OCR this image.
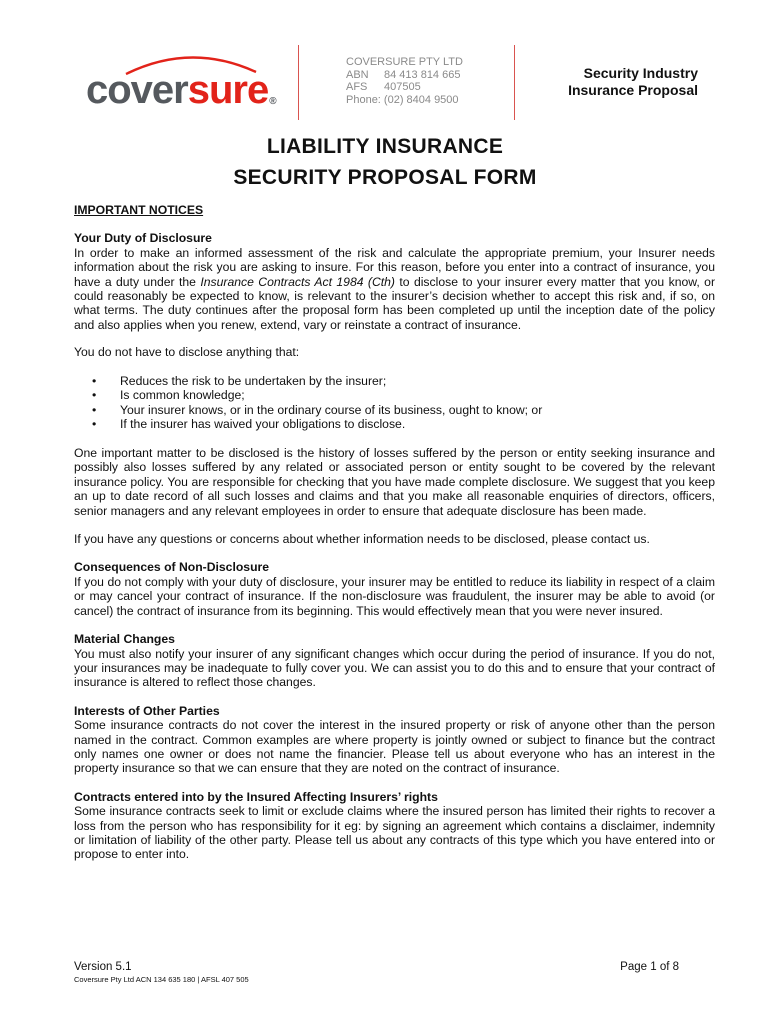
coversure®
COVERSURE PTY LTD
ABN 84 413 814 665
AFS 407505
Phone: (02) 8404 9500
Security Industry
Insurance Proposal
LIABILITY INSURANCE
SECURITY PROPOSAL FORM

IMPORTANT NOTICES

Your Duty of Disclosure

In order to make an informed assessment of the risk and calculate the appropriate premium, your Insurer needs information about the risk you are asking to insure. For this reason, before you enter into a contract of insurance, you have a duty under the Insurance Contracts Act 1984 (Cth) to disclose to your insurer every matter that you know, or could reasonably be expected to know, is relevant to the insurer’s decision whether to accept this risk and, if so, on what terms. The duty continues after the proposal form has been completed up until the inception date of the policy and also applies when you renew, extend, vary or reinstate a contract of insurance.

You do not have to disclose anything that:

• Reduces the risk to be undertaken by the insurer;
• Is common knowledge;
• Your insurer knows, or in the ordinary course of its business, ought to know; or
• If the insurer has waived your obligations to disclose.

One important matter to be disclosed is the history of losses suffered by the person or entity seeking insurance and possibly also losses suffered by any related or associated person or entity sought to be covered by the relevant insurance policy. You are responsible for checking that you have made complete disclosure. We suggest that you keep an up to date record of all such losses and claims and that you make all reasonable enquiries of directors, officers, senior managers and any relevant employees in order to ensure that adequate disclosure has been made.

If you have any questions or concerns about whether information needs to be disclosed, please contact us.

Consequences of Non-Disclosure

If you do not comply with your duty of disclosure, your insurer may be entitled to reduce its liability in respect of a claim or may cancel your contract of insurance. If the non-disclosure was fraudulent, the insurer may be able to avoid (or cancel) the contract of insurance from its beginning. This would effectively mean that you were never insured.

Material Changes

You must also notify your insurer of any significant changes which occur during the period of insurance. If you do not, your insurances may be inadequate to fully cover you. We can assist you to do this and to ensure that your contract of insurance is altered to reflect those changes.

Interests of Other Parties

Some insurance contracts do not cover the interest in the insured property or risk of anyone other than the person named in the contract. Common examples are where property is jointly owned or subject to finance but the contract only names one owner or does not name the financier. Please tell us about everyone who has an interest in the property insurance so that we can ensure that they are noted on the contract of insurance.

Contracts entered into by the Insured Affecting Insurers’ rights

Some insurance contracts seek to limit or exclude claims where the insured person has limited their rights to recover a loss from the person who has responsibility for it eg: by signing an agreement which contains a disclaimer, indemnity or limitation of liability of the other party. Please tell us about any contracts of this type which you have entered into or propose to enter into.

Version 5.1
Coversure Pty Ltd ACN 134 635 180 | AFSL 407 505
Page 1 of 8
